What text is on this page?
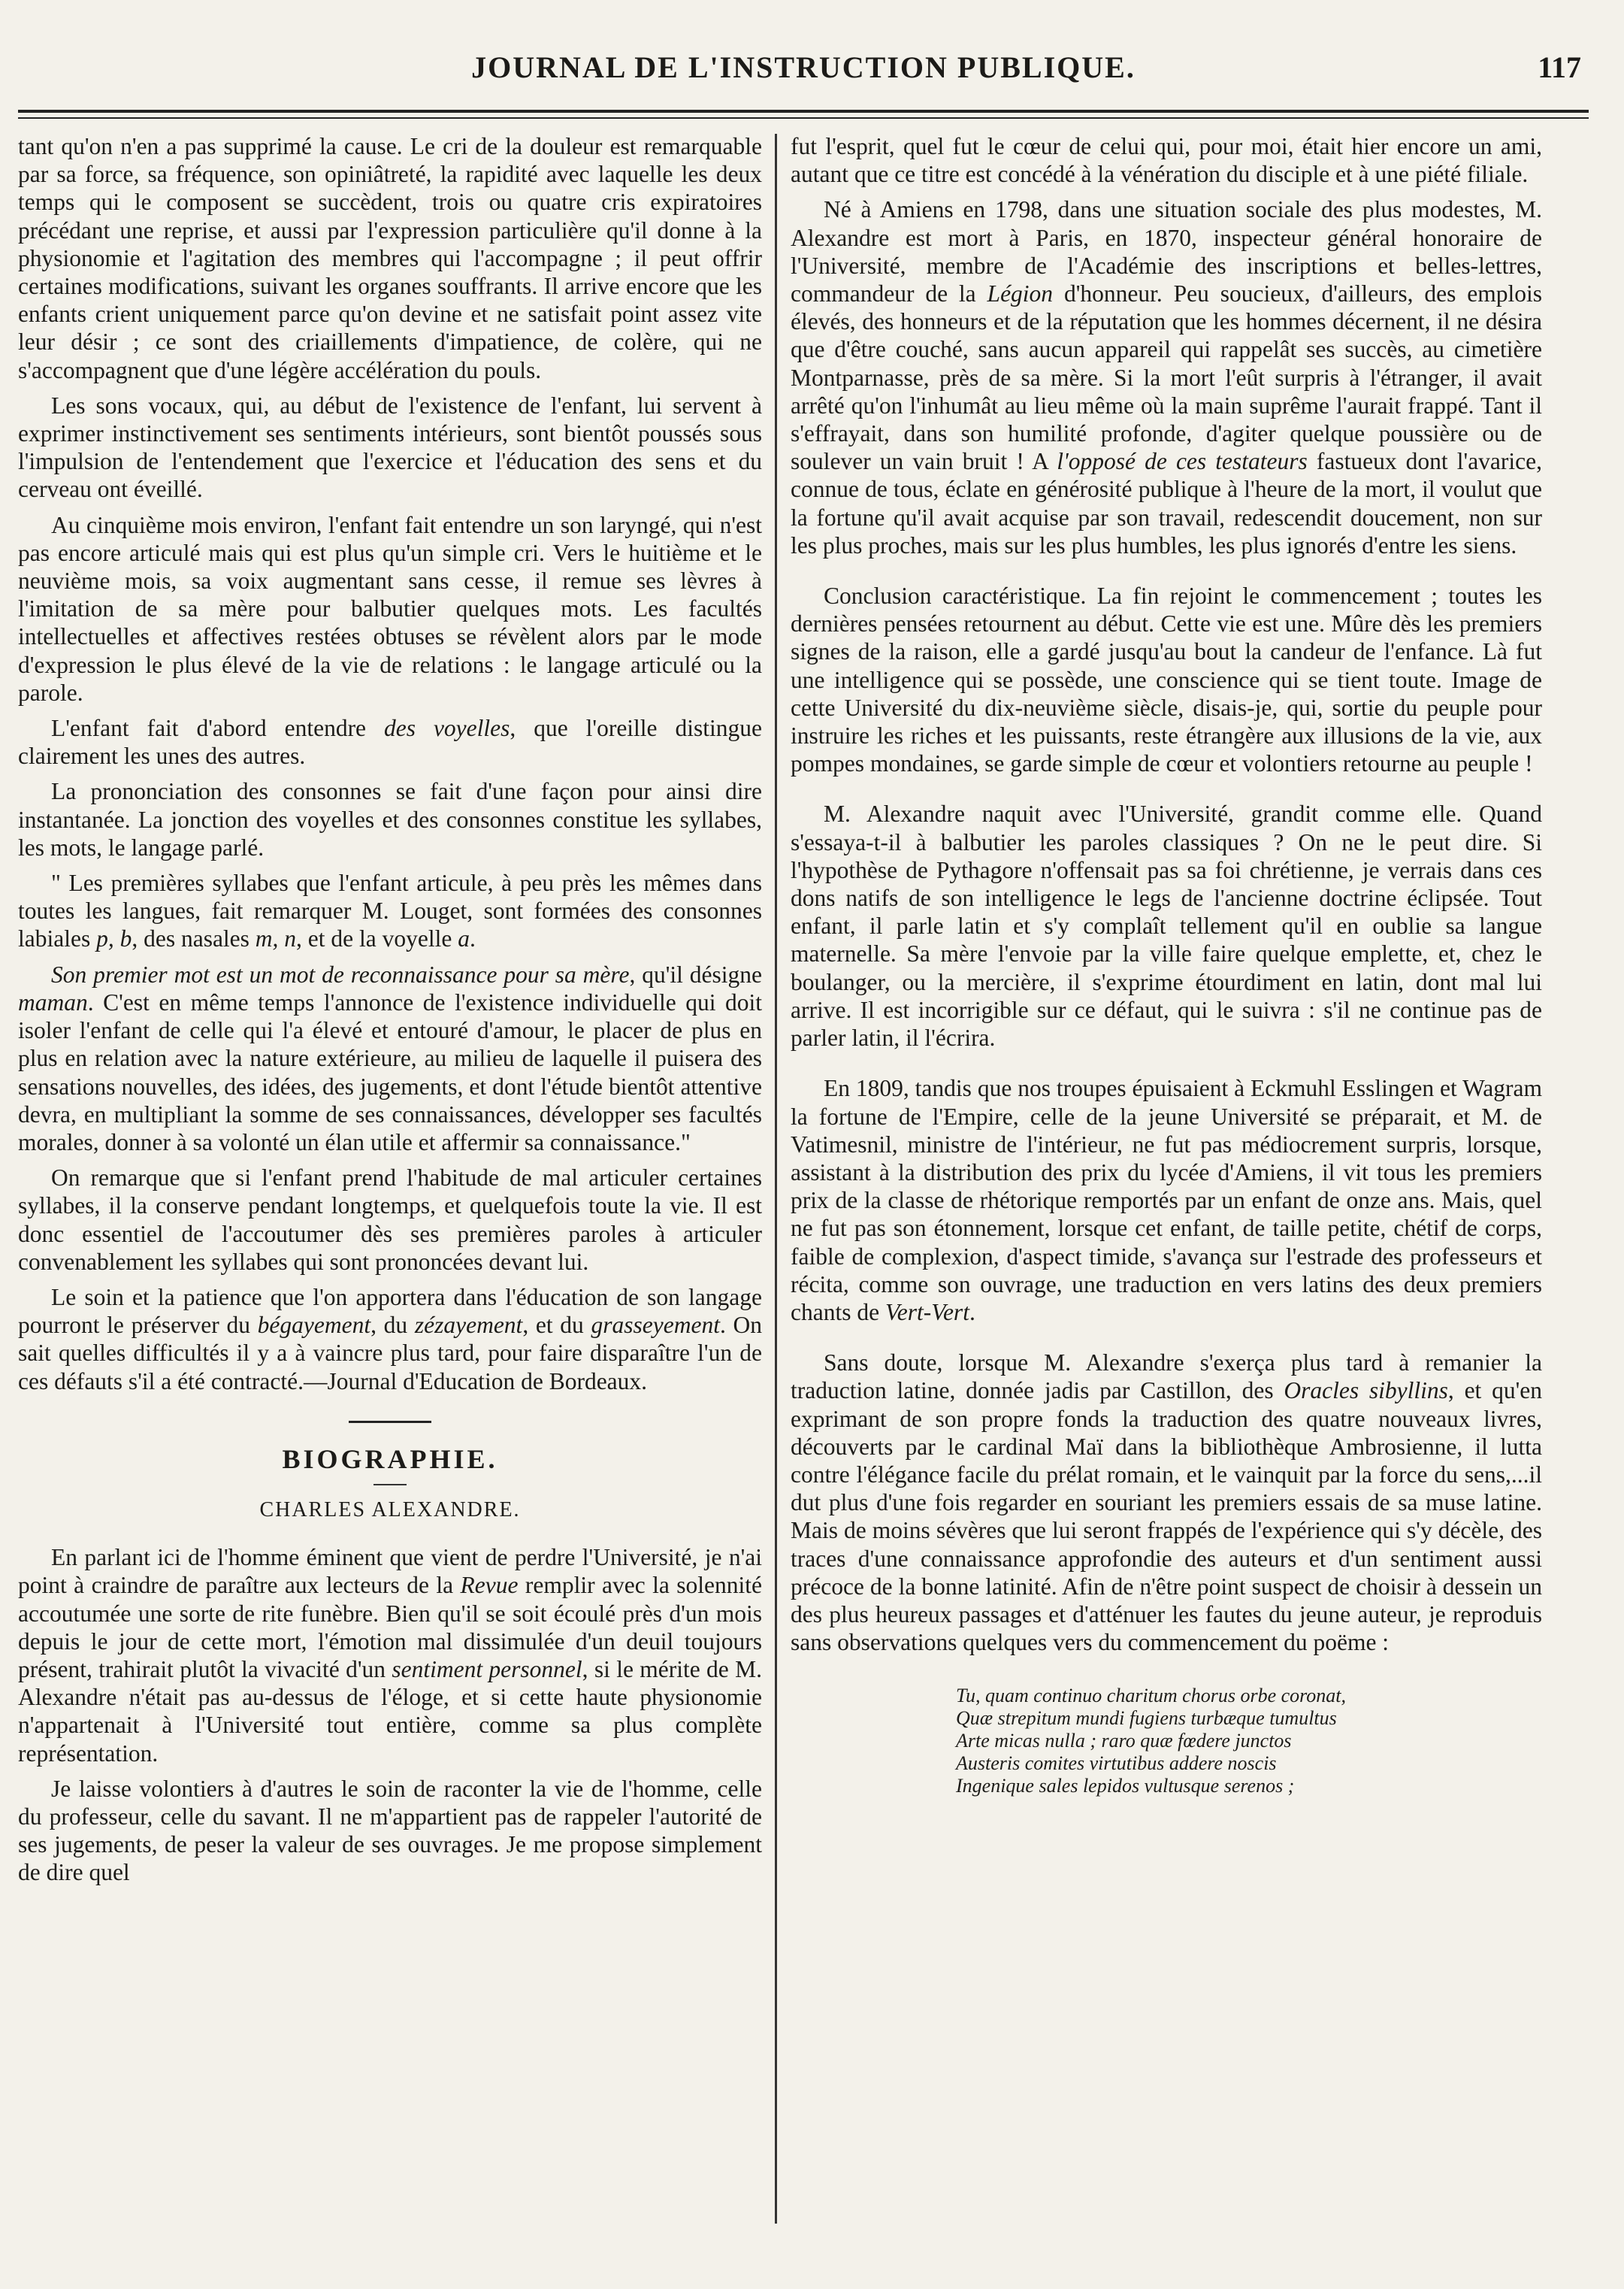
JOURNAL DE L'INSTRUCTION PUBLIQUE.	117

tant qu'on n'en a pas supprimé la cause. Le cri de la douleur est remarquable par sa force, sa fréquence, son opiniâtreté, la rapidité avec laquelle les deux temps qui le composent se succèdent, trois ou quatre cris expiratoires précédant une reprise, et aussi par l'expression particulière qu'il donne à la physionomie et l'agitation des membres qui l'accompagne ; il peut offrir certaines modifications, suivant les organes souffrants. Il arrive encore que les enfants crient uniquement parce qu'on devine et ne satisfait point assez vite leur désir ; ce sont des criaillements d'impatience, de colère, qui ne s'accompagnent que d'une légère accélération du pouls.

Les sons vocaux, qui, au début de l'existence de l'enfant, lui servent à exprimer instinctivement ses sentiments intérieurs, sont bientôt poussés sous l'impulsion de l'entendement que l'exercice et l'éducation des sens et du cerveau ont éveillé.

Au cinquième mois environ, l'enfant fait entendre un son laryngé, qui n'est pas encore articulé mais qui est plus qu'un simple cri. Vers le huitième et le neuvième mois, sa voix augmentant sans cesse, il remue ses lèvres à l'imitation de sa mère pour balbutier quelques mots. Les facultés intellectuelles et affectives restées obtuses se révèlent alors par le mode d'expression le plus élevé de la vie de relations : le langage articulé ou la parole.

L'enfant fait d'abord entendre des voyelles, que l'oreille distingue clairement les unes des autres.

La prononciation des consonnes se fait d'une façon pour ainsi dire instantanée. La jonction des voyelles et des consonnes constitue les syllabes, les mots, le langage parlé.

" Les premières syllabes que l'enfant articule, à peu près les mêmes dans toutes les langues, fait remarquer M. Louget, sont formées des consonnes labiales p, b, des nasales m, n, et de la voyelle a.

Son premier mot est un mot de reconnaissance pour sa mère, qu'il désigne maman. C'est en même temps l'annonce de l'existence individuelle qui doit isoler l'enfant de celle qui l'a élevé et entouré d'amour, le placer de plus en plus en relation avec la nature extérieure, au milieu de laquelle il puisera des sensations nouvelles, des idées, des jugements, et dont l'étude bientôt attentive devra, en multipliant la somme de ses connaissances, développer ses facultés morales, donner à sa volonté un élan utile et affermir sa connaissance."

On remarque que si l'enfant prend l'habitude de mal articuler certaines syllabes, il la conserve pendant longtemps, et quelquefois toute la vie. Il est donc essentiel de l'accoutumer dès ses premières paroles à articuler convenablement les syllabes qui sont prononcées devant lui.

Le soin et la patience que l'on apportera dans l'éducation de son langage pourront le préserver du bégayement, du zézayement, et du grasseyement. On sait quelles difficultés il y a à vaincre plus tard, pour faire disparaître l'un de ces défauts s'il a été contracté.—Journal d'Education de Bordeaux.

BIOGRAPHIE.
CHARLES ALEXANDRE.

En parlant ici de l'homme éminent que vient de perdre l'Université, je n'ai point à craindre de paraître aux lecteurs de la Revue remplir avec la solennité accoutumée une sorte de rite funèbre. Bien qu'il se soit écoulé près d'un mois depuis le jour de cette mort, l'émotion mal dissimulée d'un deuil toujours présent, trahirait plutôt la vivacité d'un sentiment personnel, si le mérite de M. Alexandre n'était pas au-dessus de l'éloge, et si cette haute physionomie n'appartenait à l'Université tout entière, comme sa plus complète représentation.

Je laisse volontiers à d'autres le soin de raconter la vie de l'homme, celle du professeur, celle du savant. Il ne m'appartient pas de rappeler l'autorité de ses jugements, de peser la valeur de ses ouvrages. Je me propose simplement de dire quel

fut l'esprit, quel fut le cœur de celui qui, pour moi, était hier encore un ami, autant que ce titre est concédé à la vénération du disciple et à une piété filiale.

Né à Amiens en 1798, dans une situation sociale des plus modestes, M. Alexandre est mort à Paris, en 1870, inspecteur général honoraire de l'Université, membre de l'Académie des inscriptions et belles-lettres, commandeur de la Légion d'honneur. Peu soucieux, d'ailleurs, des emplois élevés, des honneurs et de la réputation que les hommes décernent, il ne désira que d'être couché, sans aucun appareil qui rappelât ses succès, au cimetière Montparnasse, près de sa mère. Si la mort l'eût surpris à l'étranger, il avait arrêté qu'on l'inhumât au lieu même où la main suprême l'aurait frappé. Tant il s'effrayait, dans son humilité profonde, d'agiter quelque poussière ou de soulever un vain bruit ! A l'opposé de ces testateurs fastueux dont l'avarice, connue de tous, éclate en générosité publique à l'heure de la mort, il voulut que la fortune qu'il avait acquise par son travail, redescendit doucement, non sur les plus proches, mais sur les plus humbles, les plus ignorés d'entre les siens.

Conclusion caractéristique. La fin rejoint le commencement ; toutes les dernières pensées retournent au début. Cette vie est une. Mûre dès les premiers signes de la raison, elle a gardé jusqu'au bout la candeur de l'enfance. Là fut une intelligence qui se possède, une conscience qui se tient toute. Image de cette Université du dix-neuvième siècle, disais-je, qui, sortie du peuple pour instruire les riches et les puissants, reste étrangère aux illusions de la vie, aux pompes mondaines, se garde simple de cœur et volontiers retourne au peuple !

M. Alexandre naquit avec l'Université, grandit comme elle. Quand s'essaya-t-il à balbutier les paroles classiques ? On ne le peut dire. Si l'hypothèse de Pythagore n'offensait pas sa foi chrétienne, je verrais dans ces dons natifs de son intelligence le legs de l'ancienne doctrine éclipsée. Tout enfant, il parle latin et s'y complaît tellement qu'il en oublie sa langue maternelle. Sa mère l'envoie par la ville faire quelque emplette, et, chez le boulanger, ou la mercière, il s'exprime étourdiment en latin, dont mal lui arrive. Il est incorrigible sur ce défaut, qui le suivra : s'il ne continue pas de parler latin, il l'écrira.

En 1809, tandis que nos troupes épuisaient à Eckmuhl Esslingen et Wagram la fortune de l'Empire, celle de la jeune Université se préparait, et M. de Vatimesnil, ministre de l'intérieur, ne fut pas médiocrement surpris, lorsque, assistant à la distribution des prix du lycée d'Amiens, il vit tous les premiers prix de la classe de rhétorique remportés par un enfant de onze ans. Mais, quel ne fut pas son étonnement, lorsque cet enfant, de taille petite, chétif de corps, faible de complexion, d'aspect timide, s'avança sur l'estrade des professeurs et récita, comme son ouvrage, une traduction en vers latins des deux premiers chants de Vert-Vert.

Sans doute, lorsque M. Alexandre s'exerça plus tard à remanier la traduction latine, donnée jadis par Castillon, des Oracles sibyllins, et qu'en exprimant de son propre fonds la traduction des quatre nouveaux livres, découverts par le cardinal Maï dans la bibliothèque Ambrosienne, il lutta contre l'élégance facile du prélat romain, et le vainquit par la force du sens,...il dut plus d'une fois regarder en souriant les premiers essais de sa muse latine. Mais de moins sévères que lui seront frappés de l'expérience qui s'y décèle, des traces d'une connaissance approfondie des auteurs et d'un sentiment aussi précoce de la bonne latinité. Afin de n'être point suspect de choisir à dessein un des plus heureux passages et d'atténuer les fautes du jeune auteur, je reproduis sans observations quelques vers du commencement du poëme :

Tu, quam continuo charitum chorus orbe coronat,
Quæ strepitum mundi fugiens turbæque tumultus
Arte micas nulla ; raro quæ fœdere junctos
Austeris comites virtutibus addere noscis
Ingenique sales lepidos vultusque serenos ;
